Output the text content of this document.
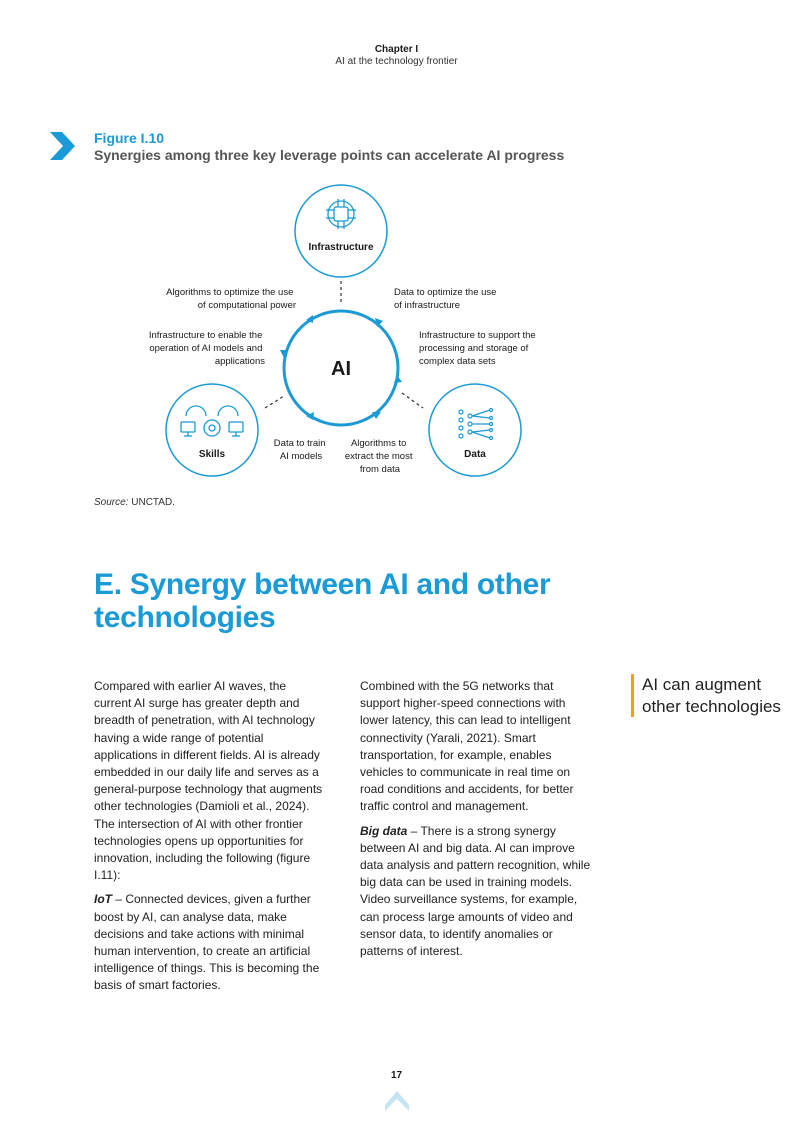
Chapter I
AI at the technology frontier
Figure I.10
Synergies among three key leverage points can accelerate AI progress
AI
Infrastructure
Skills	Data
Algorithms to optimize the use of computational power
Data to optimize the use of infrastructure
Infrastructure to enable the operation of AI models and applications
Infrastructure to support the processing and storage of complex data sets
Data to train AI models
Algorithms to extract the most from data
Source: UNCTAD.
E. Synergy between AI and other technologies

Compared with earlier AI waves, the current AI surge has greater depth and breadth of penetration, with AI technology having a wide range of potential applications in different fields. AI is already embedded in our daily life and serves as a general-purpose technology that augments other technologies (Damioli et al., 2024). The intersection of AI with other frontier technologies opens up opportunities for innovation, including the following (figure I.11):

IoT – Connected devices, given a further boost by AI, can analyse data, make decisions and take actions with minimal human intervention, to create an artificial intelligence of things. This is becoming the basis of smart factories.

Combined with the 5G networks that support higher-speed connections with lower latency, this can lead to intelligent connectivity (Yarali, 2021). Smart transportation, for example, enables vehicles to communicate in real time on road conditions and accidents, for better traffic control and management.

Big data – There is a strong synergy between AI and big data. AI can improve data analysis and pattern recognition, while big data can be used in training models. Video surveillance systems, for example, can process large amounts of video and sensor data, to identify anomalies or patterns of interest.

AI can augment other technologies
17
